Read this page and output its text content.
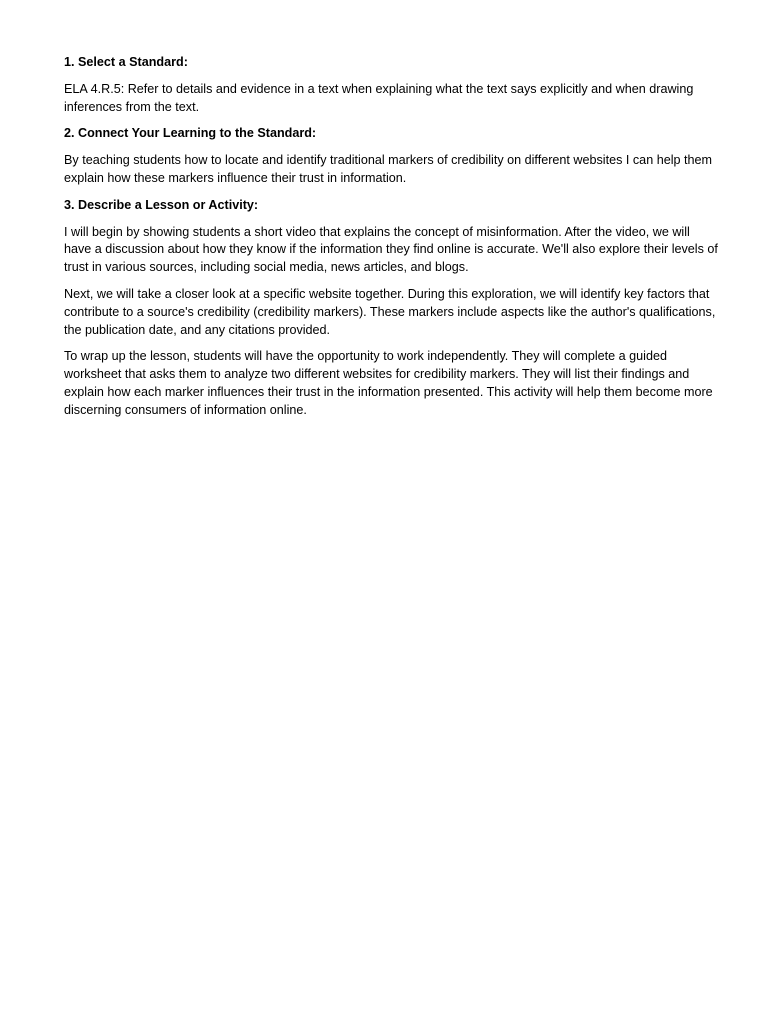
1. Select a Standard:
ELA 4.R.5: Refer to details and evidence in a text when explaining what the text says explicitly and when drawing inferences from the text.
2. Connect Your Learning to the Standard:
By teaching students how to locate and identify traditional markers of credibility on different websites I can help them explain how these markers influence their trust in information.
3. Describe a Lesson or Activity:
I will begin by showing students a short video that explains the concept of misinformation. After the video, we will have a discussion about how they know if the information they find online is accurate. We'll also explore their levels of trust in various sources, including social media, news articles, and blogs.
Next, we will take a closer look at a specific website together. During this exploration, we will identify key factors that contribute to a source's credibility (credibility markers). These markers include aspects like the author's qualifications, the publication date, and any citations provided.
To wrap up the lesson, students will have the opportunity to work independently. They will complete a guided worksheet that asks them to analyze two different websites for credibility markers. They will list their findings and explain how each marker influences their trust in the information presented. This activity will help them become more discerning consumers of information online.
